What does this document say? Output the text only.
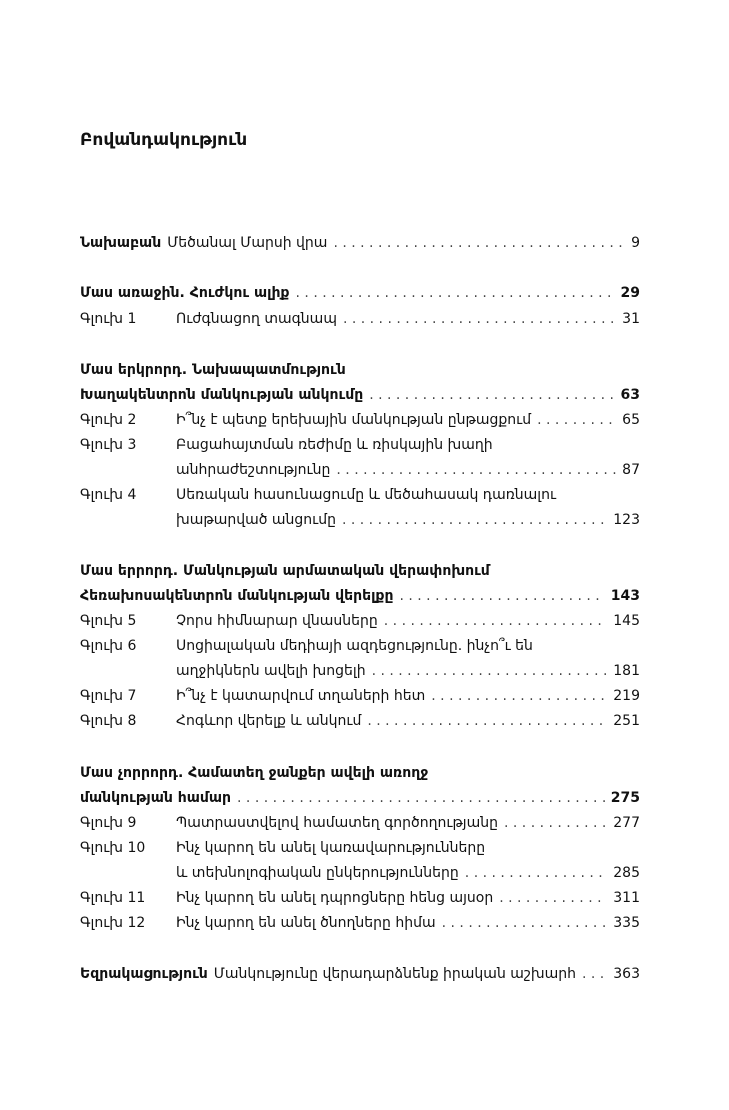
Բովանդակություն
Նախաբան Մեծանալ Մարսի վրա . . .	9
Մաս առաջին. Հուժկու ալիք . . .	29
Գլուխ 1	Ուժգնացող տագնապ . . .	31
Մաս երկրորդ. Նախապատմություն
Խաղակենտրոն մանկության անկումը . . .	63
Գլուխ 2	Ի՞նչ է պետք երեխային մանկության ընթացքում . . .	65
Գլուխ 3	Բացահայտման ռեժիմը և ռիսկային խաղի
անհրաժեշտությունը . . .	87
Գլուխ 4	Սեռական հասունացումը և մեծահասակ դառնալու
խաթարված անցումը . . .	123
Մաս երրորդ. Մանկության արմատական վերափոխում
Հեռախոսակենտրոն մանկության վերելքը . . .	143
Գլուխ 5	Չորս հիմնարար վնասները . . .	145
Գլուխ 6	Սոցիալական մեդիայի ազդեցությունը. ինչո՞ւ են
աղջիկներն ավելի խոցելի . . .	181
Գլուխ 7	Ի՞նչ է կատարվում տղաների հետ . . .	219
Գլուխ 8	Հոգևոր վերելք և անկում . . .	251
Մաս չորրորդ. Համատեղ ջանքեր ավելի առողջ
մանկության համար . . .	275
Գլուխ 9	Պատրաստվելով համատեղ գործողությանը . . .	277
Գլուխ 10 Ինչ կարող են անել կառավարությունները
և տեխնոլոգիական ընկերությունները . . .	285
Գլուխ 11 Ինչ կարող են անել դպրոցները հենց այսօր . . .	311
Գլուխ 12 Ինչ կարող են անել ծնողները հիմա . . .	335
Եզրակացություն Մանկությունը վերադարձնենք իրական աշխարհ . . .	363
